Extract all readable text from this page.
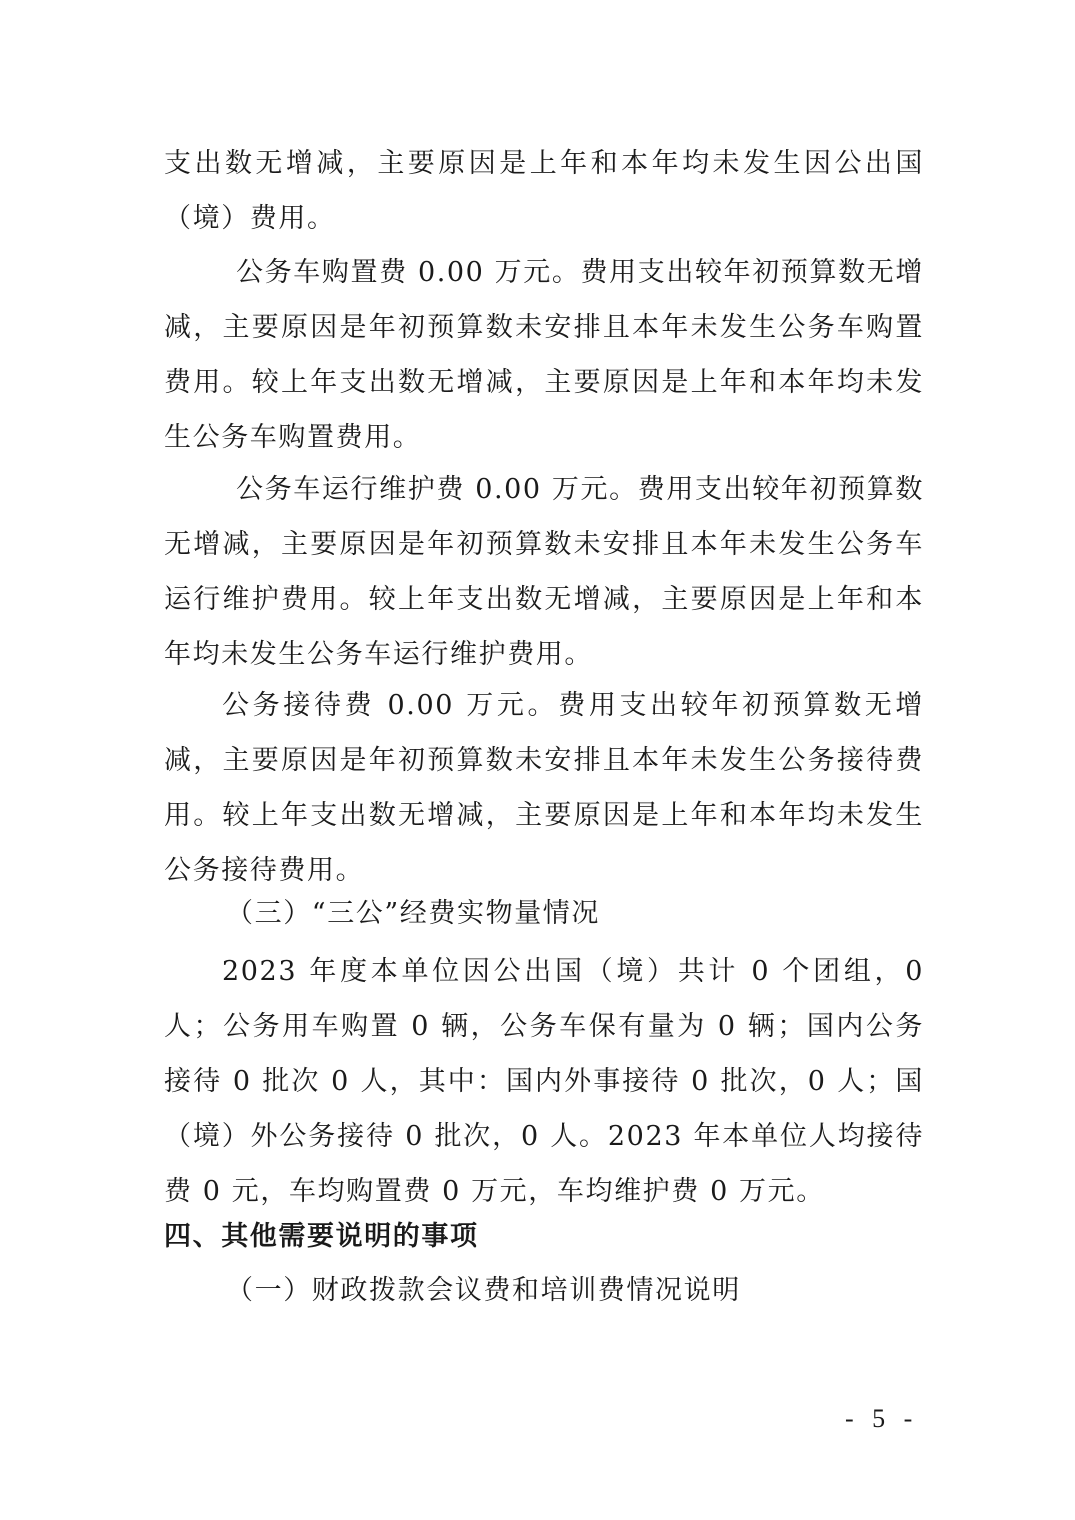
支出数无增减，主要原因是上年和本年均未发生因公出国（境）费用。

公务车购置费 0.00 万元。费用支出较年初预算数无增减，主要原因是年初预算数未安排且本年未发生公务车购置费用。较上年支出数无增减，主要原因是上年和本年均未发生公务车购置费用。

公务车运行维护费 0.00 万元。费用支出较年初预算数无增减，主要原因是年初预算数未安排且本年未发生公务车运行维护费用。较上年支出数无增减，主要原因是上年和本年均未发生公务车运行维护费用。

公务接待费 0.00 万元。费用支出较年初预算数无增减，主要原因是年初预算数未安排且本年未发生公务接待费用。较上年支出数无增减，主要原因是上年和本年均未发生公务接待费用。

（三）“三公”经费实物量情况

2023 年度本单位因公出国（境）共计 0 个团组，0 人；公务用车购置 0 辆，公务车保有量为 0 辆；国内公务接待 0 批次 0 人，其中：国内外事接待 0 批次，0 人；国（境）外公务接待 0 批次，0 人。2023 年本单位人均接待费 0 元，车均购置费 0 万元，车均维护费 0 万元。

四、其他需要说明的事项

（一）财政拨款会议费和培训费情况说明

- 5 -
